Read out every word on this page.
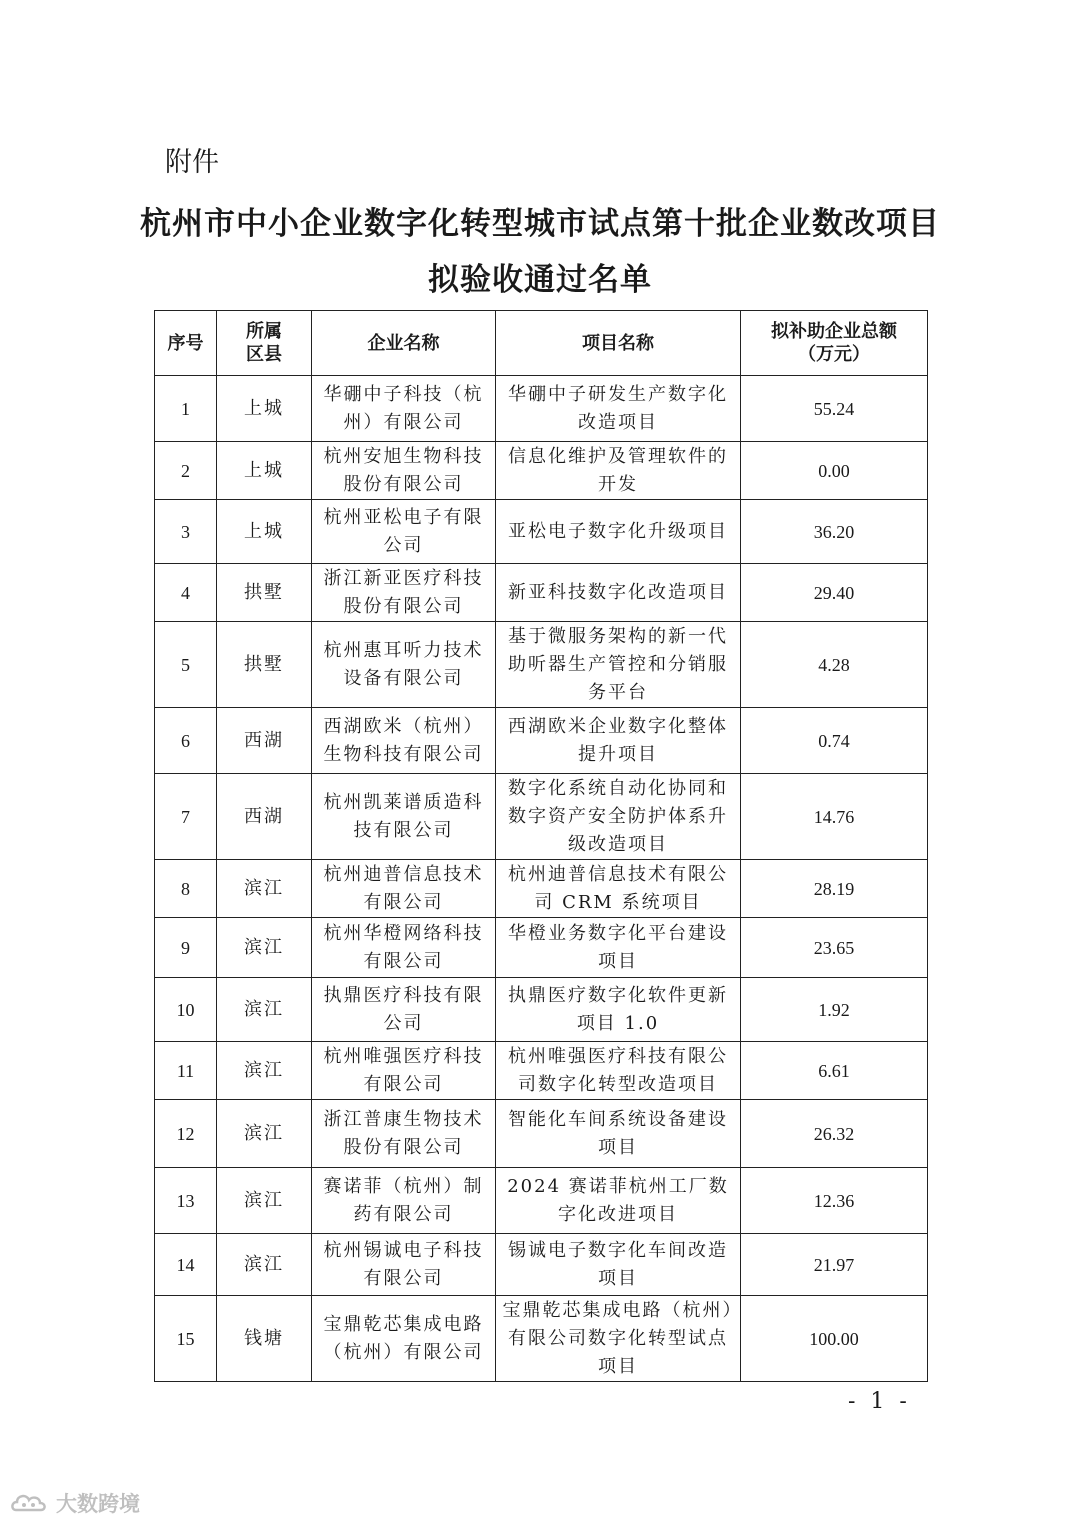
附件
杭州市中小企业数字化转型城市试点第十批企业数改项目
拟验收通过名单
序号	所属区县	企业名称	项目名称	拟补助企业总额（万元）
1	上城	华硼中子科技（杭州）有限公司	华硼中子研发生产数字化改造项目	55.24
2	上城	杭州安旭生物科技股份有限公司	信息化维护及管理软件的开发	0.00
3	上城	杭州亚松电子有限公司	亚松电子数字化升级项目	36.20
4	拱墅	浙江新亚医疗科技股份有限公司	新亚科技数字化改造项目	29.40
5	拱墅	杭州惠耳听力技术设备有限公司	基于微服务架构的新一代助听器生产管控和分销服务平台	4.28
6	西湖	西湖欧米（杭州）生物科技有限公司	西湖欧米企业数字化整体提升项目	0.74
7	西湖	杭州凯莱谱质造科技有限公司	数字化系统自动化协同和数字资产安全防护体系升级改造项目	14.76
8	滨江	杭州迪普信息技术有限公司	杭州迪普信息技术有限公司 CRM 系统项目	28.19
9	滨江	杭州华橙网络科技有限公司	华橙业务数字化平台建设项目	23.65
10	滨江	执鼎医疗科技有限公司	执鼎医疗数字化软件更新项目 1.0	1.92
11	滨江	杭州唯强医疗科技有限公司	杭州唯强医疗科技有限公司数字化转型改造项目	6.61
12	滨江	浙江普康生物技术股份有限公司	智能化车间系统设备建设项目	26.32
13	滨江	赛诺菲（杭州）制药有限公司	2024 赛诺菲杭州工厂数字化改进项目	12.36
14	滨江	杭州锡诚电子科技有限公司	锡诚电子数字化车间改造项目	21.97
15	钱塘	宝鼎乾芯集成电路（杭州）有限公司	宝鼎乾芯集成电路（杭州）有限公司数字化转型试点项目	100.00
- 1 -
大数跨境
